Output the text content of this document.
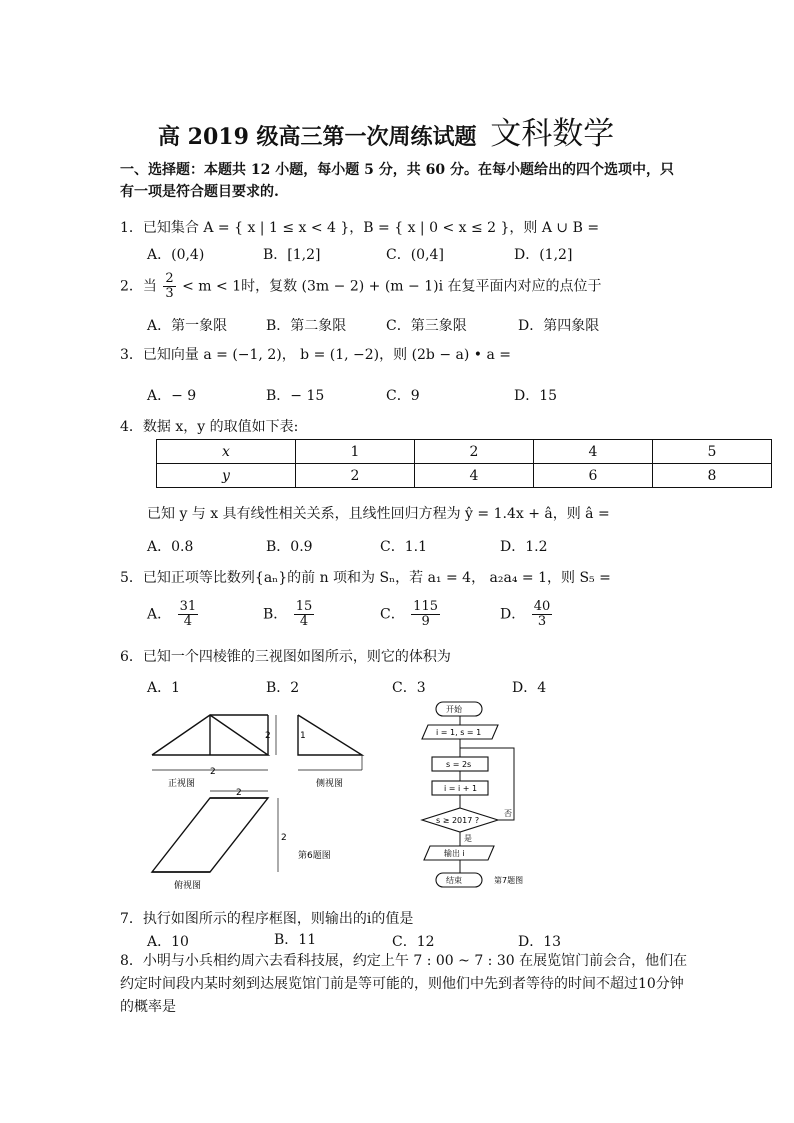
高 2019 级高三第一次周练试题 文科数学
一、选择题：本题共 12 小题，每小题 5 分，共 60 分。在每小题给出的四个选项中，只有一项是符合题目要求的.
1．已知集合 A = { x | 1 ≤ x < 4 }，B = { x | 0 < x ≤ 2 }，则 A ∪ B =
A．(0,4)	B．[1,2]	C．(0,4]	D．(1,2]
2．当 $\frac{2}{3} < m < 1$时，复数 (3m − 2) + (m − 1)i 在复平面内对应的点位于
A．第一象限	B．第二象限	C．第三象限	D．第四象限
3．已知向量 a = (−1, 2)， b = (1, −2)，则 (2b − a) • a =
A．− 9	B．− 15	C．9	D．15
4．数据 x，y 的取值如下表:
x	1	2	4	5
y	2	4	6	8
已知 y 与 x 具有线性相关关系，且线性回归方程为 ŷ = 1.4x + â，则 â =
A．0.8	B．0.9	C．1.1	D．1.2
5．已知正项等比数列{aₙ}的前 n 项和为 Sₙ，若 a₁ = 4， a₂a₄ = 1，则 S₅ =
A． $\frac{31}{4}$	B． $\frac{15}{4}$	C． $\frac{115}{9}$	D． $\frac{40}{3}$
6．已知一个四棱锥的三视图如图所示，则它的体积为
A．1	B．2	C．3	D．4
2
2	1
2
2
正视图	侧视图
俯视图
第6题图
开始
i = 1, s = 1
s = 2s
i = i + 1
s ≥ 2017 ?
否
是
输出 i
结束	第7题图
7．执行如图所示的程序框图，则输出的i的值是
A．10	B．11	C．12	D．13
8．小明与小兵相约周六去看科技展，约定上午 7 : 00 ~ 7 : 30 在展览馆门前会合，他们在约定时间段内某时刻到达展览馆门前是等可能的，则他们中先到者等待的时间不超过10分钟的概率是
